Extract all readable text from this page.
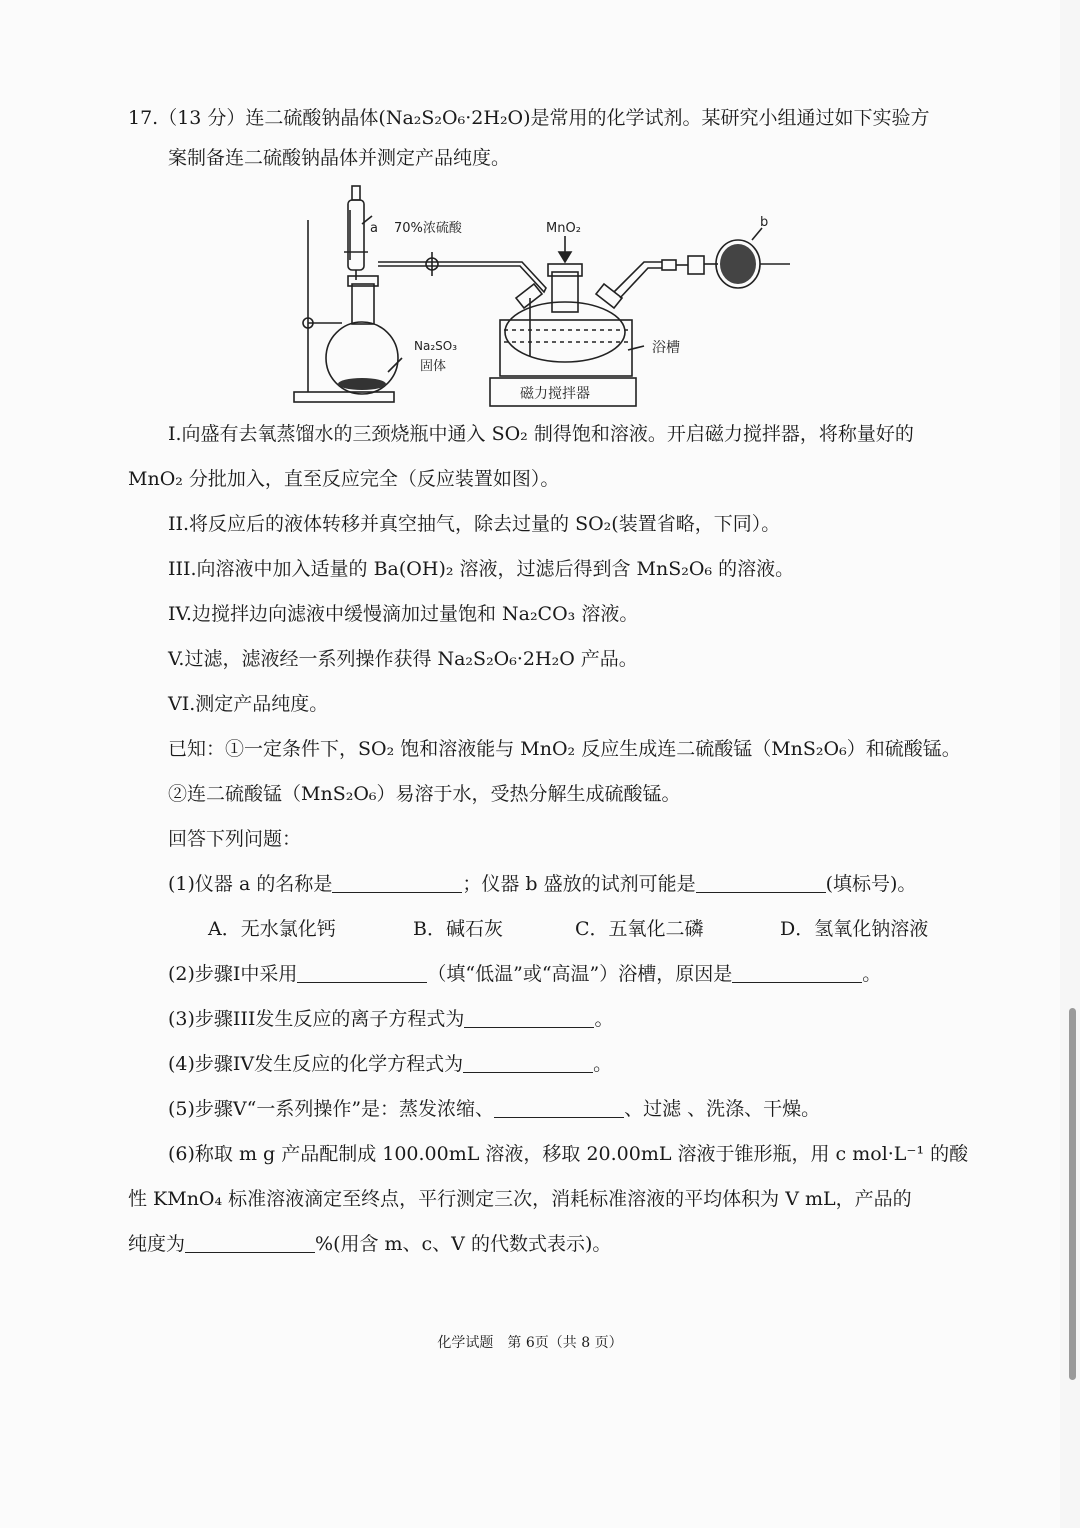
17.（13 分）连二硫酸钠晶体(Na₂S₂O₆·2H₂O)是常用的化学试剂。某研究小组通过如下实验方
案制备连二硫酸钠晶体并测定产品纯度。
a 70%浓硫酸	MnO₂	b
Na₂SO₃
固体
浴槽
磁力搅拌器
I.向盛有去氧蒸馏水的三颈烧瓶中通入 SO₂ 制得饱和溶液。开启磁力搅拌器，将称量好的
MnO₂ 分批加入，直至反应完全（反应装置如图）。
II.将反应后的液体转移并真空抽气，除去过量的 SO₂(装置省略，下同）。
III.向溶液中加入适量的 Ba(OH)₂ 溶液，过滤后得到含 MnS₂O₆ 的溶液。
IV.边搅拌边向滤液中缓慢滴加过量饱和 Na₂CO₃ 溶液。
V.过滤，滤液经一系列操作获得 Na₂S₂O₆·2H₂O 产品。
VI.测定产品纯度。
已知：①一定条件下，SO₂ 饱和溶液能与 MnO₂ 反应生成连二硫酸锰（MnS₂O₆）和硫酸锰。
②连二硫酸锰（MnS₂O₆）易溶于水，受热分解生成硫酸锰。
回答下列问题：
(1)仪器 a 的名称是	；仪器 b 盛放的试剂可能是	(填标号)。
A．无水氯化钙	B．碱石灰	C．五氧化二磷	D．氢氧化钠溶液
(2)步骤I中采用	（填“低温”或“高温”）浴槽，原因是	。
(3)步骤III发生反应的离子方程式为	。
(4)步骤IV发生反应的化学方程式为	。
(5)步骤V“一系列操作”是：蒸发浓缩、	、过滤 、洗涤、干燥。
(6)称取 m g 产品配制成 100.00mL 溶液，移取 20.00mL 溶液于锥形瓶，用 c mol·L⁻¹ 的酸
性 KMnO₄ 标准溶液滴定至终点，平行测定三次，消耗标准溶液的平均体积为 V mL，产品的
纯度为	%(用含 m、c、V 的代数式表示)。
化学试题　第 6页（共 8 页）
